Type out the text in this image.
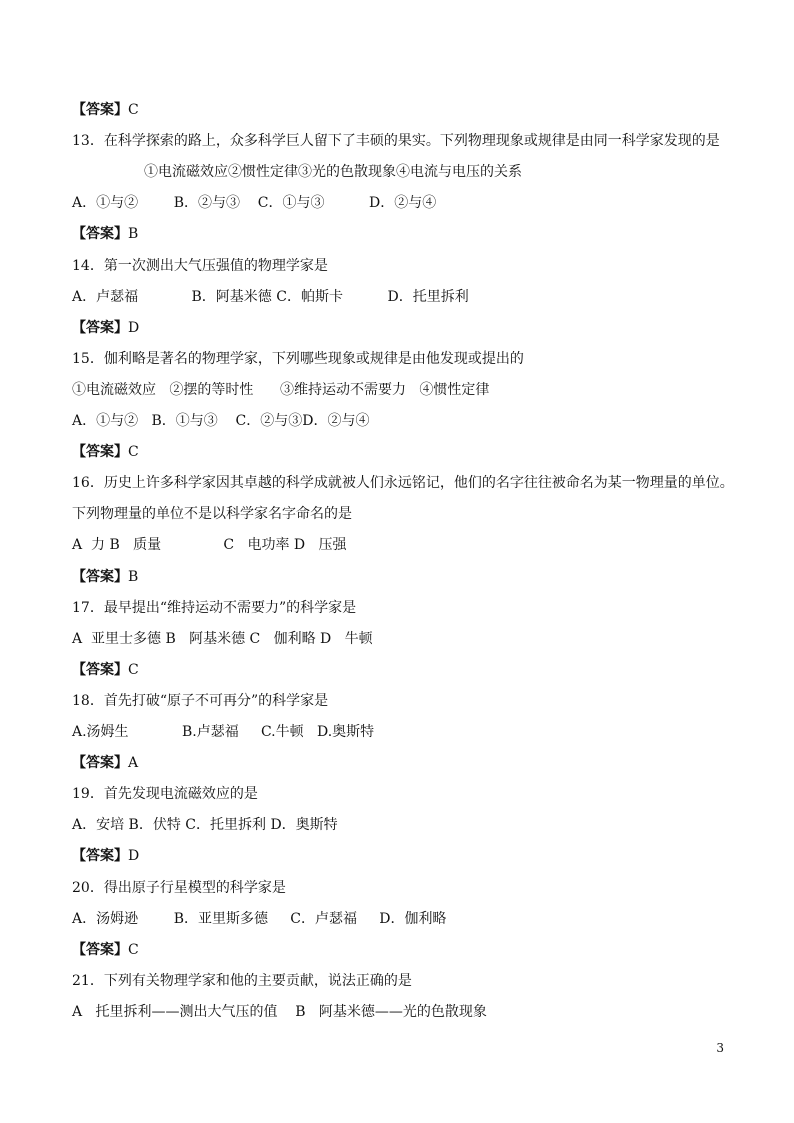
【答案】C
13．在科学探索的路上，众多科学巨人留下了丰硕的果实。下列物理现象或规律是由同一科学家发现的是
①电流磁效应②惯性定律③光的色散现象④电流与电压的关系
A．①与②        B．②与③    C．①与③          D．②与④
【答案】B
14．第一次测出大气压强值的物理学家是
A．卢瑟福            B．阿基米德 C．帕斯卡          D．托里拆利
【答案】D
15．伽利略是著名的物理学家，下列哪些现象或规律是由他发现或提出的
①电流磁效应   ②摆的等时性      ③维持运动不需要力   ④惯性定律
A．①与②   B．①与③    C．②与③D．②与④
【答案】C
16．历史上许多科学家因其卓越的科学成就被人们永远铭记，他们的名字往往被命名为某一物理量的单位。
下列物理量的单位不是以科学家名字命名的是
A  力 B   质量              C   电功率 D   压强
【答案】B
17．最早提出“维持运动不需要力”的科学家是
A  亚里士多德 B   阿基米德 C   伽利略 D   牛顿
【答案】C
18．首先打破“原子不可再分”的科学家是
A.汤姆生            B.卢瑟福     C.牛顿   D.奥斯特
【答案】A
19．首先发现电流磁效应的是
A．安培 B．伏特 C．托里拆利 D．奥斯特
【答案】D
20．得出原子行星模型的科学家是
A．汤姆逊        B．亚里斯多德     C．卢瑟福     D．伽利略
【答案】C
21．下列有关物理学家和他的主要贡献，说法正确的是
A   托里拆利——测出大气压的值    B   阿基米德——光的色散现象
3
